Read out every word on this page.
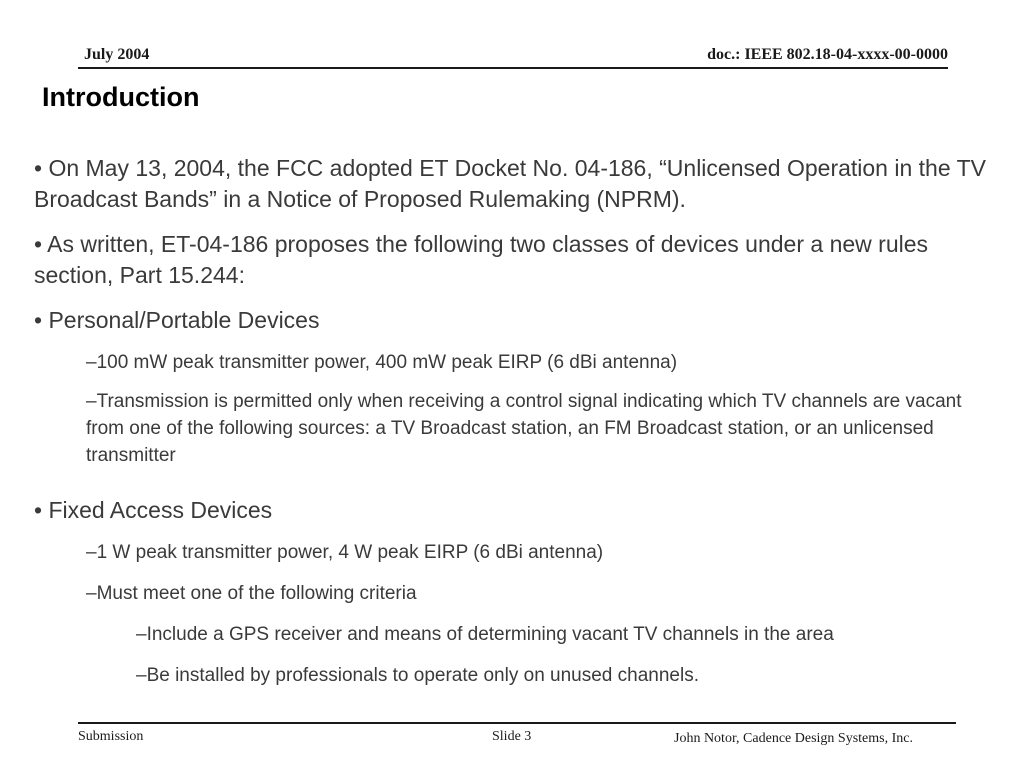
July 2004	doc.: IEEE 802.18-04-xxxx-00-0000
Introduction

• On May 13, 2004, the FCC adopted ET Docket No. 04-186, “Unlicensed Operation in the TV Broadcast Bands” in a Notice of Proposed Rulemaking (NPRM).

• As written, ET-04-186 proposes the following two classes of devices under a new rules section, Part 15.244:

• Personal/Portable Devices

–100 mW peak transmitter power, 400 mW peak EIRP (6 dBi antenna)

–Transmission is permitted only when receiving a control signal indicating which TV channels are vacant from one of the following sources: a TV Broadcast station, an FM Broadcast station, or an unlicensed transmitter

• Fixed Access Devices

–1 W peak transmitter power, 4 W peak EIRP (6 dBi antenna)

–Must meet one of the following criteria

–Include a GPS receiver and means of determining vacant TV channels in the area

–Be installed by professionals to operate only on unused channels.

Submission	Slide 3	John Notor, Cadence Design Systems, Inc.
